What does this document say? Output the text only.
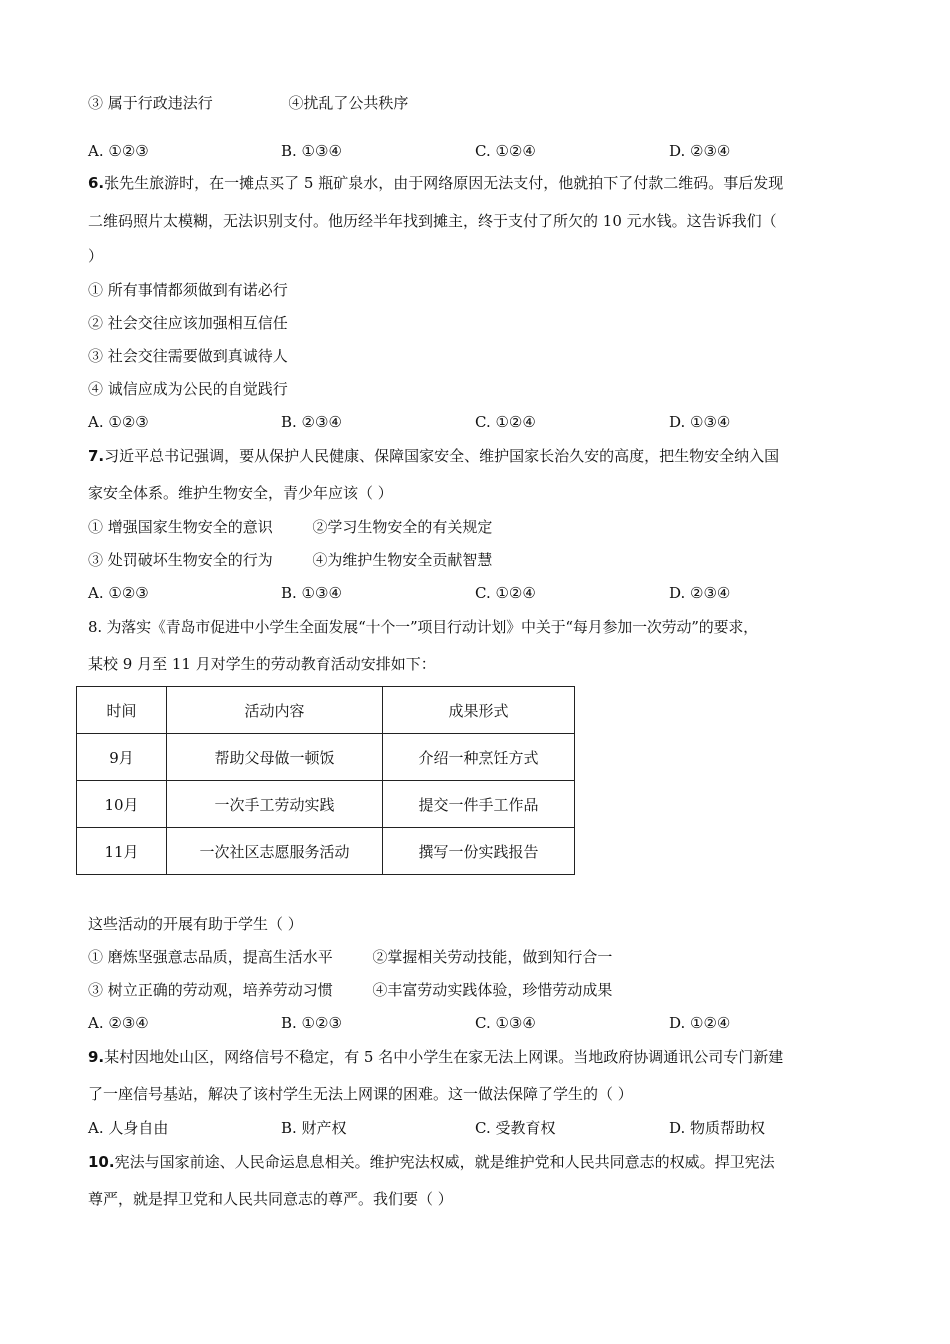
③ 属于行政违法行	④扰乱了公共秩序
A. ①②③	B. ①③④	C. ①②④	D. ②③④
6.张先生旅游时，在一摊点买了 5 瓶矿泉水，由于网络原因无法支付，他就拍下了付款二维码。事后发现
二维码照片太模糊，无法识别支付。他历经半年找到摊主，终于支付了所欠的 10 元水钱。这告诉我们（
）
① 所有事情都须做到有诺必行
② 社会交往应该加强相互信任
③ 社会交往需要做到真诚待人
④ 诚信应成为公民的自觉践行
A. ①②③	B. ②③④	C. ①②④	D. ①③④
7.习近平总书记强调，要从保护人民健康、保障国家安全、维护国家长治久安的高度，把生物安全纳入国
家安全体系。维护生物安全，青少年应该（ ）
① 增强国家生物安全的意识	②学习生物安全的有关规定
③ 处罚破坏生物安全的行为	④为维护生物安全贡献智慧
A. ①②③	B. ①③④	C. ①②④	D. ②③④
8. 为落实《青岛市促进中小学生全面发展“十个一”项目行动计划》中关于“每月参加一次劳动”的要求，
某校 9 月至 11 月对学生的劳动教育活动安排如下：
时间	活动内容	成果形式
9月	帮助父母做一顿饭	介绍一种烹饪方式
10月	一次手工劳动实践	提交一件手工作品
11月	一次社区志愿服务活动	撰写一份实践报告
这些活动的开展有助于学生（ ）
① 磨炼坚强意志品质，提高生活水平	②掌握相关劳动技能，做到知行合一
③ 树立正确的劳动观，培养劳动习惯	④丰富劳动实践体验，珍惜劳动成果
A. ②③④	B. ①②③	C. ①③④	D. ①②④
9.某村因地处山区，网络信号不稳定，有 5 名中小学生在家无法上网课。当地政府协调通讯公司专门新建
了一座信号基站，解决了该村学生无法上网课的困难。这一做法保障了学生的（ ）
A. 人身自由	B. 财产权	C. 受教育权	D. 物质帮助权
10.宪法与国家前途、人民命运息息相关。维护宪法权威，就是维护党和人民共同意志的权威。捍卫宪法
尊严，就是捍卫党和人民共同意志的尊严。我们要（ ）
